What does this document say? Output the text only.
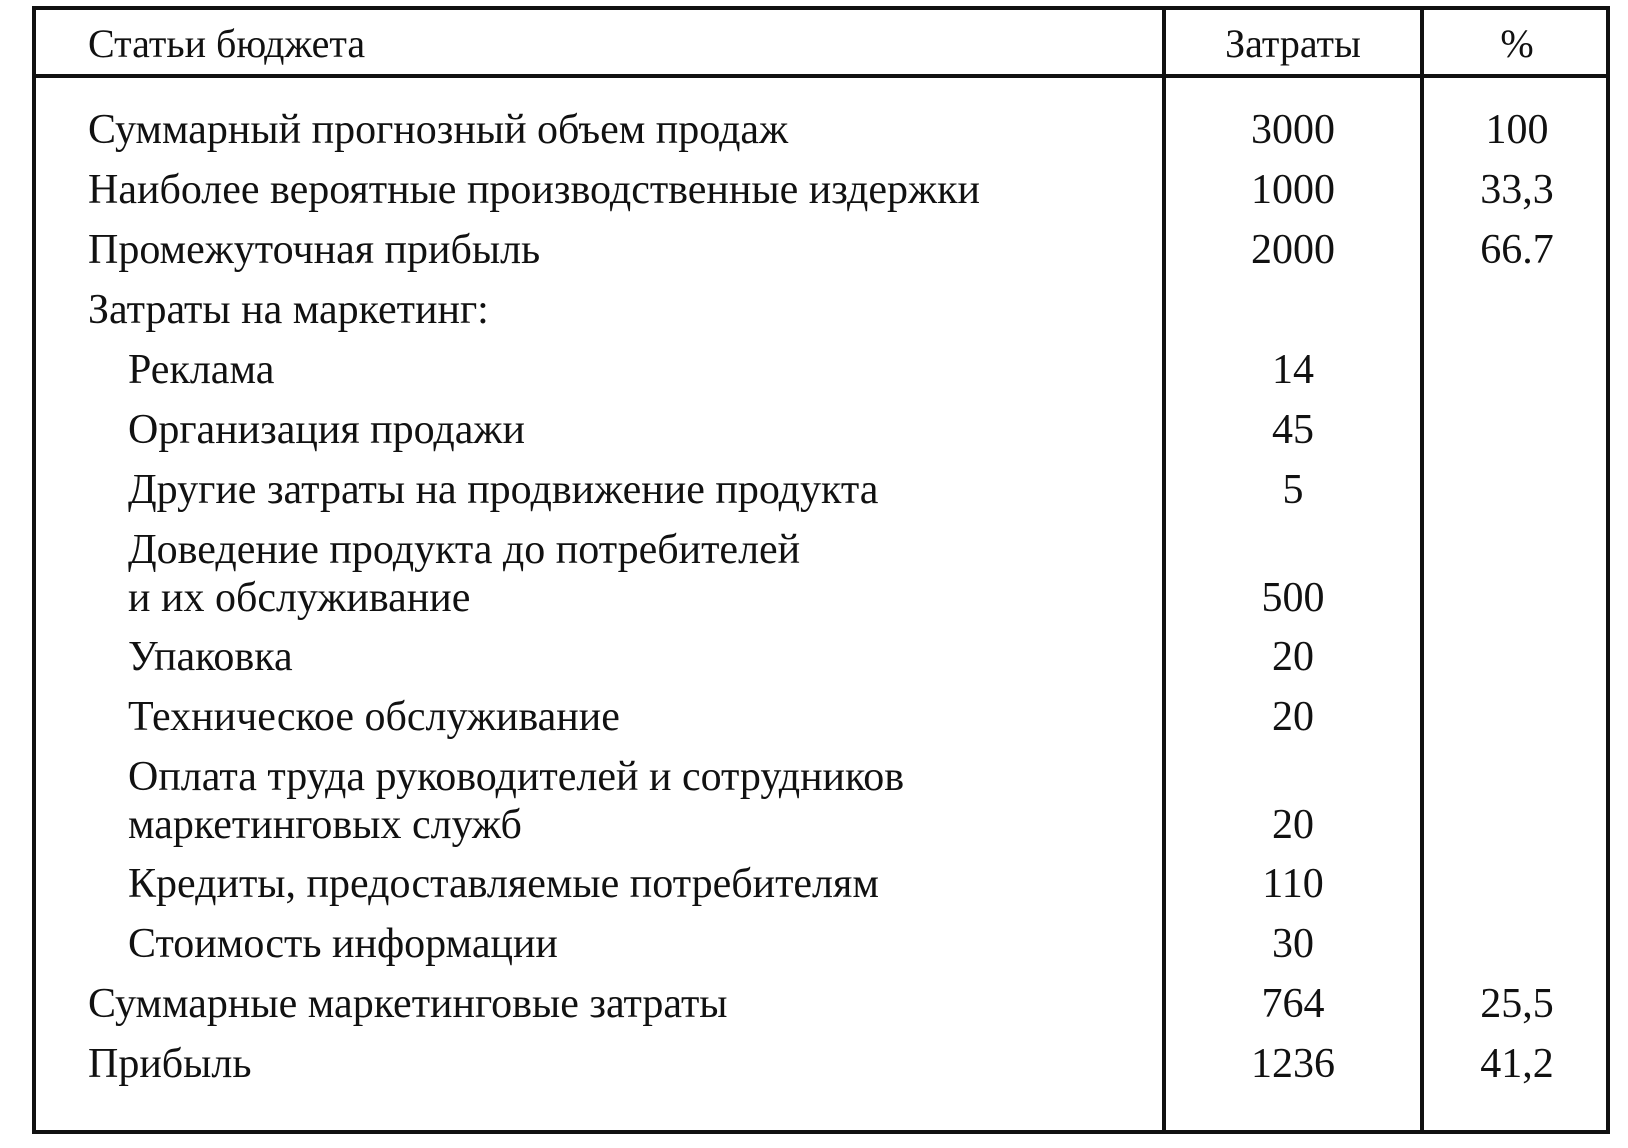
Статьи бюджета	Затраты	%
Суммарный прогнозный объем продаж	3000	100
Наиболее вероятные производственные издержки	1000	33,3
Промежуточная прибыль	2000	66.7
Затраты на маркетинг:
Реклама	14
Организация продажи	45
Другие затраты на продвижение продукта	5
Доведение продукта до потребителей
и их обслуживание	500
Упаковка	20
Техническое обслуживание	20
Оплата труда руководителей и сотрудников
маркетинговых служб	20
Кредиты, предоставляемые потребителям	110
Стоимость информации	30
Суммарные маркетинговые затраты	764	25,5
Прибыль	1236	41,2
